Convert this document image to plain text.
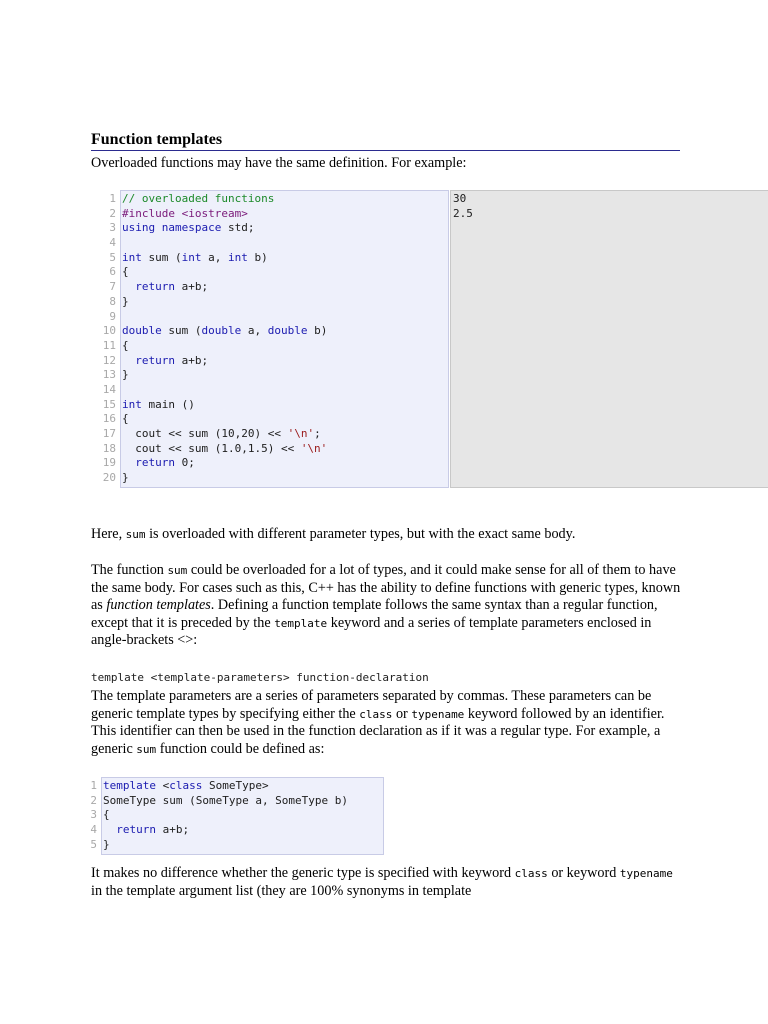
Function templates
Overloaded functions may have the same definition. For example:
1
2
3
4
5
6
7
8
9
10
11
12
13
14
15
16
17
18
19
20
// overloaded functions
#include <iostream>
using namespace std;

int sum (int a, int b)
{
return a+b;
}

double sum (double a, double b)
{
return a+b;
}

int main ()
{
cout << sum (10,20) << '\n';
cout << sum (1.0,1.5) << '\n'
return 0;
}
30
2.5
Here, sum is overloaded with different parameter types, but with the exact same body.
The function sum could be overloaded for a lot of types, and it could make sense for all of them to have the same body. For cases such as this, C++ has the ability to define functions with generic types, known as function templates. Defining a function template follows the same syntax than a regular function, except that it is preceded by the template keyword and a series of template parameters enclosed in angle-brackets <>:
template <template-parameters> function-declaration
The template parameters are a series of parameters separated by commas. These parameters can be generic template types by specifying either the class or typename keyword followed by an identifier. This identifier can then be used in the function declaration as if it was a regular type. For example, a generic sum function could be defined as:
1
2
3
4
5
template <class SomeType>
SomeType sum (SomeType a, SomeType b)
{
return a+b;
}
It makes no difference whether the generic type is specified with keyword class or keyword typename in the template argument list (they are 100% synonyms in template
